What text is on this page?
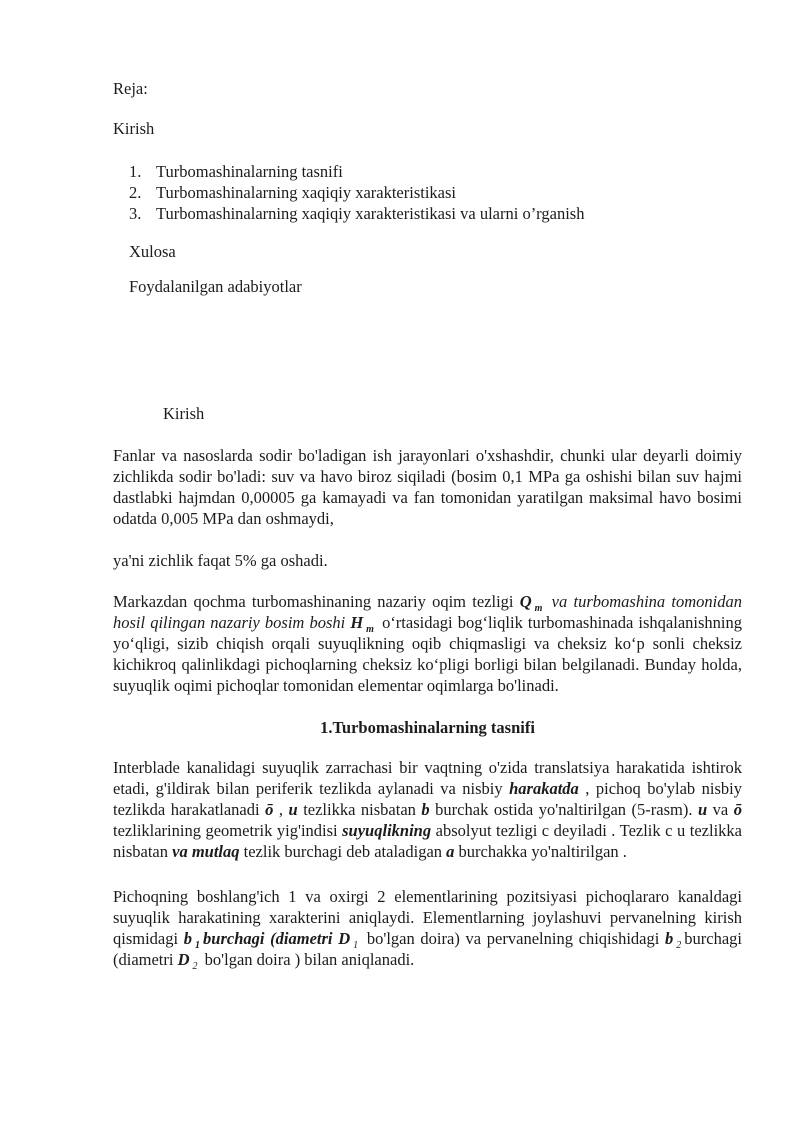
Reja:

Kirish

1. Turbomashinalarning tasnifi
2. Turbomashinalarning xaqiqiy xarakteristikasi
3. Turbomashinalarning xaqiqiy xarakteristikasi va ularni o’rganish

Xulosa

Foydalanilgan adabiyotlar

Kirish

Fanlar va nasoslarda sodir bo'ladigan ish jarayonlari o'xshashdir, chunki ular deyarli doimiy zichlikda sodir bo'ladi: suv va havo biroz siqiladi (bosim 0,1 MPa ga oshishi bilan suv hajmi dastlabki hajmdan 0,00005 ga kamayadi va fan tomonidan yaratilgan maksimal havo bosimi odatda 0,005 MPa dan oshmaydi,

ya'ni zichlik faqat 5% ga oshadi.

Markazdan qochma turbomashinaning nazariy oqim tezligi Q $_m$ va turbomashina tomonidan hosil qilingan nazariy bosim boshi H $_m$ o‘rtasidagi bog‘liqlik turbomashinada ishqalanishning yo‘qligi, sizib chiqish orqali suyuqlikning oqib chiqmasligi va cheksiz ko‘p sonli cheksiz kichikroq qalinlikdagi pichoqlarning cheksiz ko‘pligi borligi bilan belgilanadi. Bunday holda, suyuqlik oqimi pichoqlar tomonidan elementar oqimlarga bo'linadi.

1.Turbomashinalarning tasnifi

Interblade kanalidagi suyuqlik zarrachasi bir vaqtning o'zida translatsiya harakatida ishtirok etadi, g'ildirak bilan periferik tezlikda aylanadi va nisbiy harakatda , pichoq bo'ylab nisbiy tezlikda harakatlanadi ō , u tezlikka nisbatan b burchak ostida yo'naltirilgan (5-rasm). u va ō tezliklarining geometrik yig'indisi suyuqlikning absolyut tezligi c deyiladi . Tezlik c u tezlikka nisbatan va mutlaq tezlik burchagi deb ataladigan a burchakka yo'naltirilgan .

Pichoqning boshlang'ich 1 va oxirgi 2 elementlarining pozitsiyasi pichoqlararo kanaldagi suyuqlik harakatining xarakterini aniqlaydi. Elementlarning joylashuvi pervanelning kirish qismidagi b $_1$ burchagi (diametri D $_1$ bo'lgan doira) va pervanelning chiqishidagi b $_2$ burchagi (diametri D $_2$ bo'lgan doira ) bilan aniqlanadi.
